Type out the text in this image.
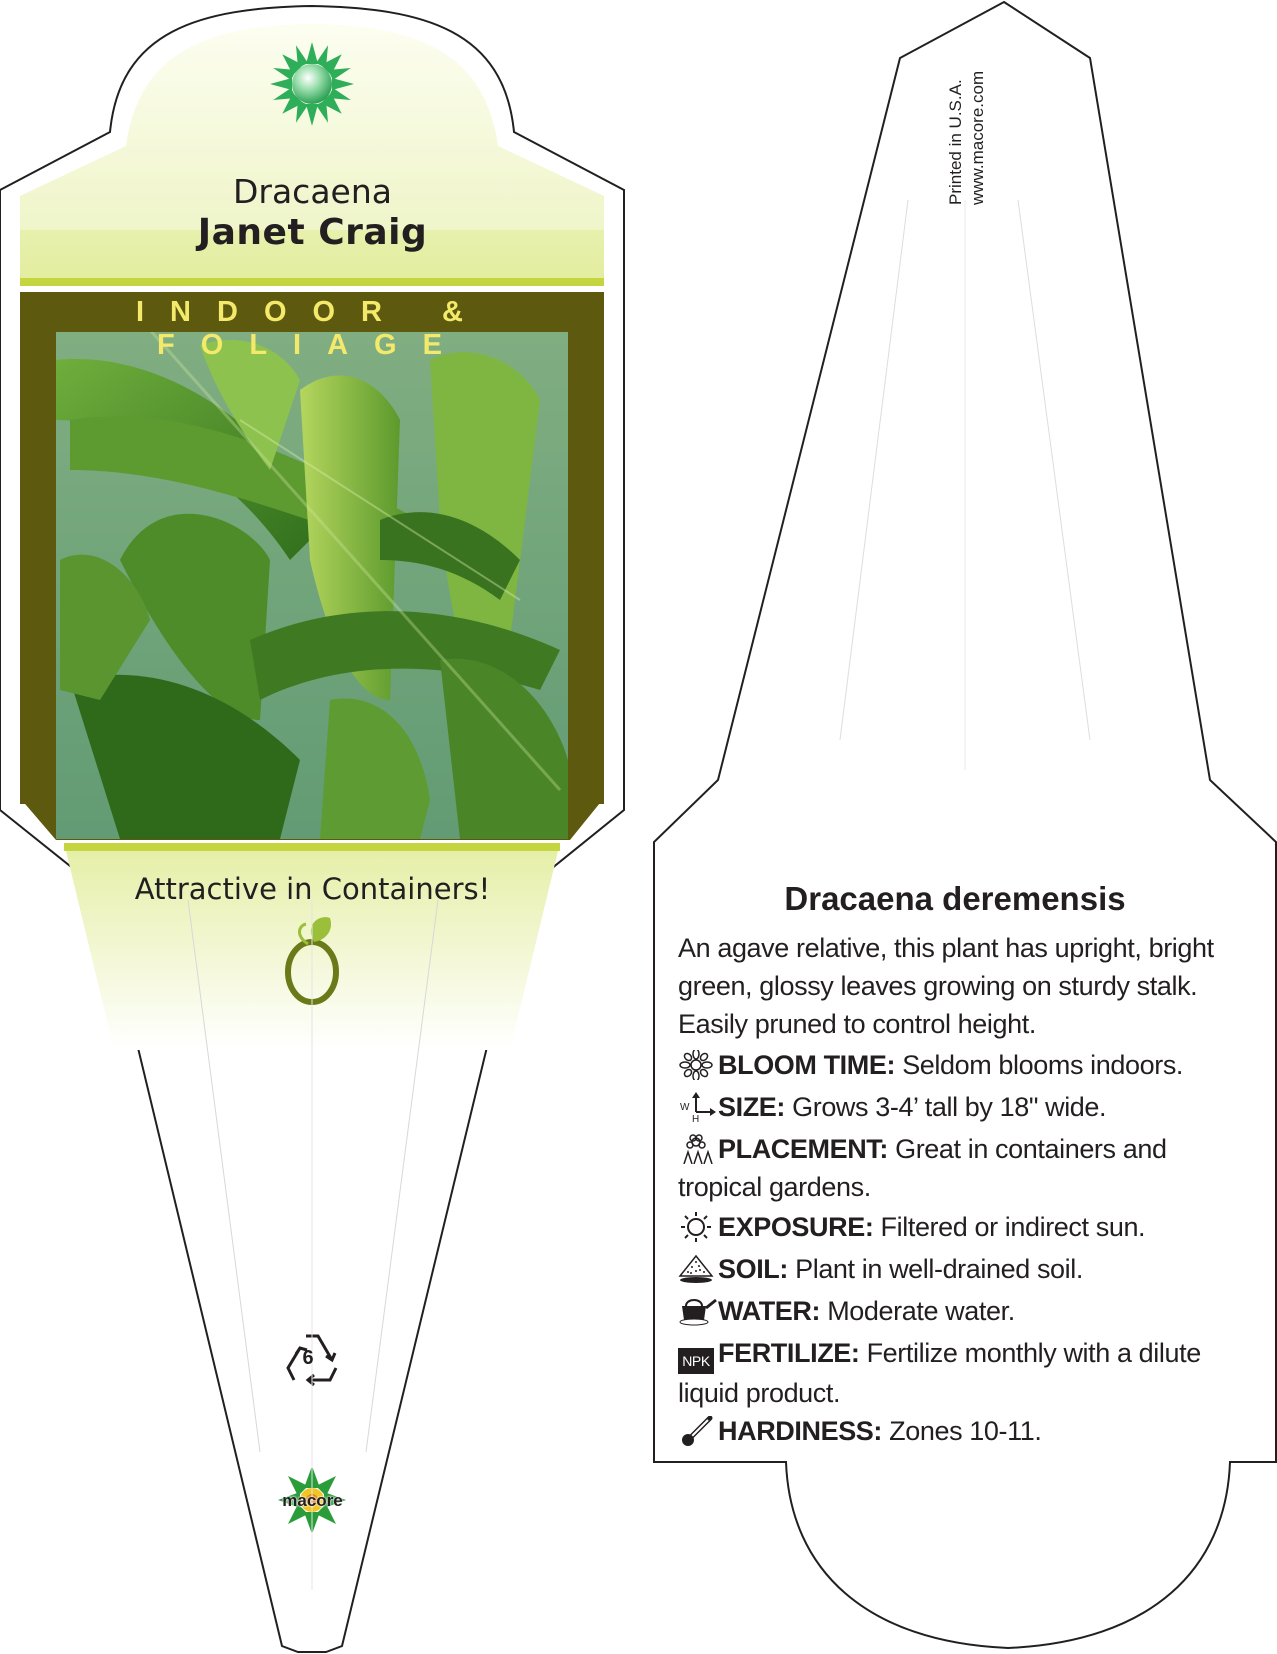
Dracaena
Janet Craig
INDOOR & FOLIAGE
Attractive in Containers!
6
macore
Printed in U.S.A. www.macore.com
Dracaena deremensis
An agave relative, this plant has upright, bright green, glossy leaves growing on sturdy stalk. Easily pruned to control height.
BLOOM TIME: Seldom blooms indoors.
W
H SIZE: Grows 3-4’ tall by 18" wide.
PLACEMENT: Great in containers and tropical gardens.
EXPOSURE: Filtered or indirect sun.
SOIL: Plant in well-drained soil.
WATER: Moderate water.
NPK FERTILIZE: Fertilize monthly with a dilute liquid product.
HARDINESS: Zones 10-11.
